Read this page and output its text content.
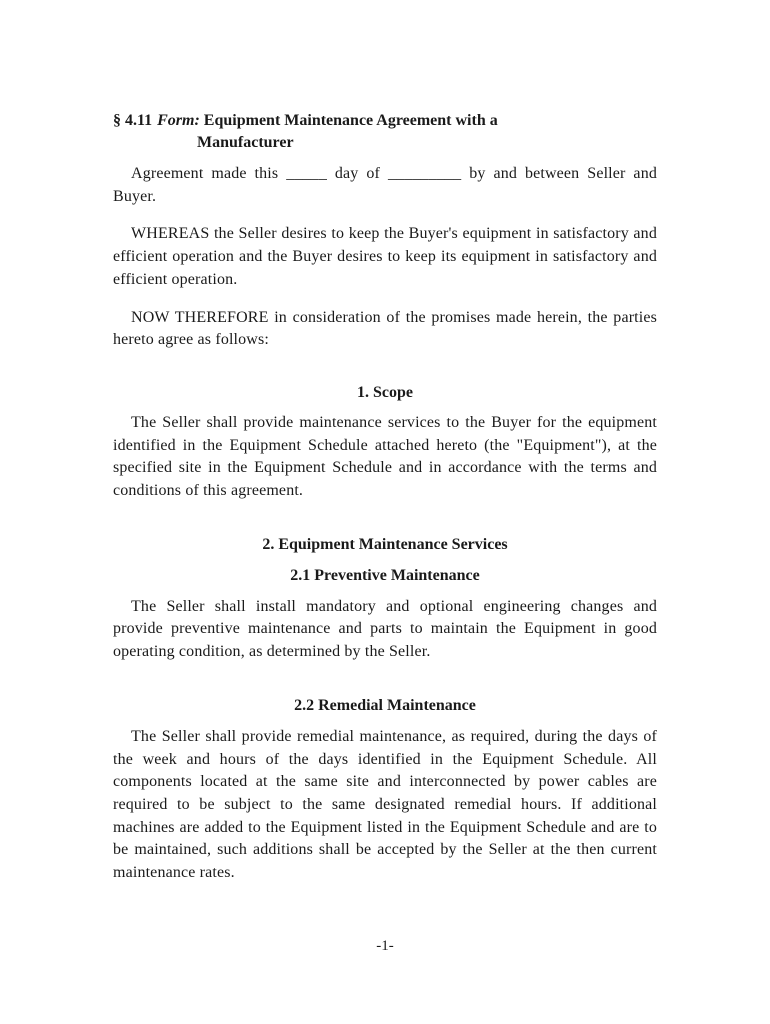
§ 4.11 Form: Equipment Maintenance Agreement with a
Manufacturer

Agreement made this _____ day of _________ by and between Seller and Buyer.

WHEREAS the Seller desires to keep the Buyer's equipment in satisfactory and efficient operation and the Buyer desires to keep its equipment in satisfactory and efficient operation.

NOW THEREFORE in consideration of the promises made herein, the parties hereto agree as follows:

1. Scope

The Seller shall provide maintenance services to the Buyer for the equipment identified in the Equipment Schedule attached hereto (the "Equipment"), at the specified site in the Equipment Schedule and in accordance with the terms and conditions of this agreement.

2. Equipment Maintenance Services
2.1 Preventive Maintenance

The Seller shall install mandatory and optional engineering changes and provide preventive maintenance and parts to maintain the Equipment in good operating condition, as determined by the Seller.

2.2 Remedial Maintenance

The Seller shall provide remedial maintenance, as required, during the days of the week and hours of the days identified in the Equipment Schedule. All components located at the same site and interconnected by power cables are required to be subject to the same designated remedial hours. If additional machines are added to the Equipment listed in the Equipment Schedule and are to be maintained, such additions shall be accepted by the Seller at the then current maintenance rates.

-1-
